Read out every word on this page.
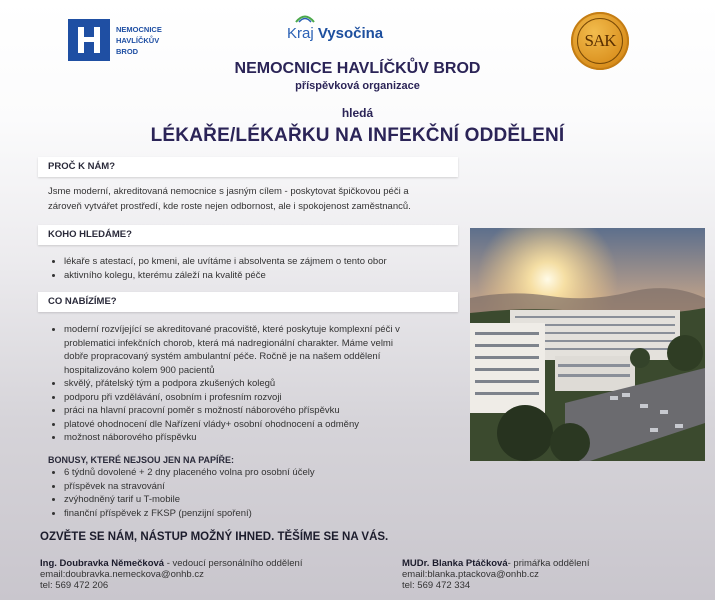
NEMOCNICE
HAVLÍČKŮV
BROD
Kraj Vysočina	SAK
NEMOCNICE HAVLÍČKŮV BROD
příspěvková organizace
hledá
LÉKAŘE/LÉKAŘKU NA INFEKČNÍ ODDĚLENÍ
PROČ K NÁM?
Jsme moderní, akreditovaná nemocnice s jasným cílem - poskytovat špičkovou péči a
zároveň vytvářet prostředí, kde roste nejen odbornost, ale i spokojenost zaměstnanců.
KOHO HLEDÁME?
• lékaře s atestací, po kmeni, ale uvítáme i absolventa se zájmem o tento obor
• aktivního kolegu, kterému záleží na kvalitě péče
CO NABÍZÍME?
• moderní rozvíjející se akreditované pracoviště, které poskytuje komplexní péči v
problematici infekčních chorob, která má nadregionální charakter. Máme velmi
dobře propracovaný systém ambulantní péče. Ročně je na našem oddělení
hospitalizováno kolem 900 pacientů
• skvělý, přátelský tým a podpora zkušených kolegů
• podporu při vzdělávání, osobním i profesním rozvoji
• práci na hlavní pracovní poměr s možností náborového příspěvku
• platové ohodnocení dle Nařízení vlády+ osobní ohodnocení a odměny
• možnost náborového příspěvku
BONUSY, KTERÉ NEJSOU JEN NA PAPÍŘE:
• 6 týdnů dovolené + 2 dny placeného volna pro osobní účely
• příspěvek na stravování
• zvýhodněný tarif u T-mobile
• finanční příspěvek z FKSP (penzijní spoření)
OZVĚTE SE NÁM, NÁSTUP MOŽNÝ IHNED. TĚŠÍME SE NA VÁS.
Ing. Doubravka Němečková - vedoucí personálního oddělení
email:doubravka.nemeckova@onhb.cz
tel: 569 472 206
MUDr. Blanka Ptáčková- primářka oddělení
email:blanka.ptackova@onhb.cz
tel: 569 472 334
